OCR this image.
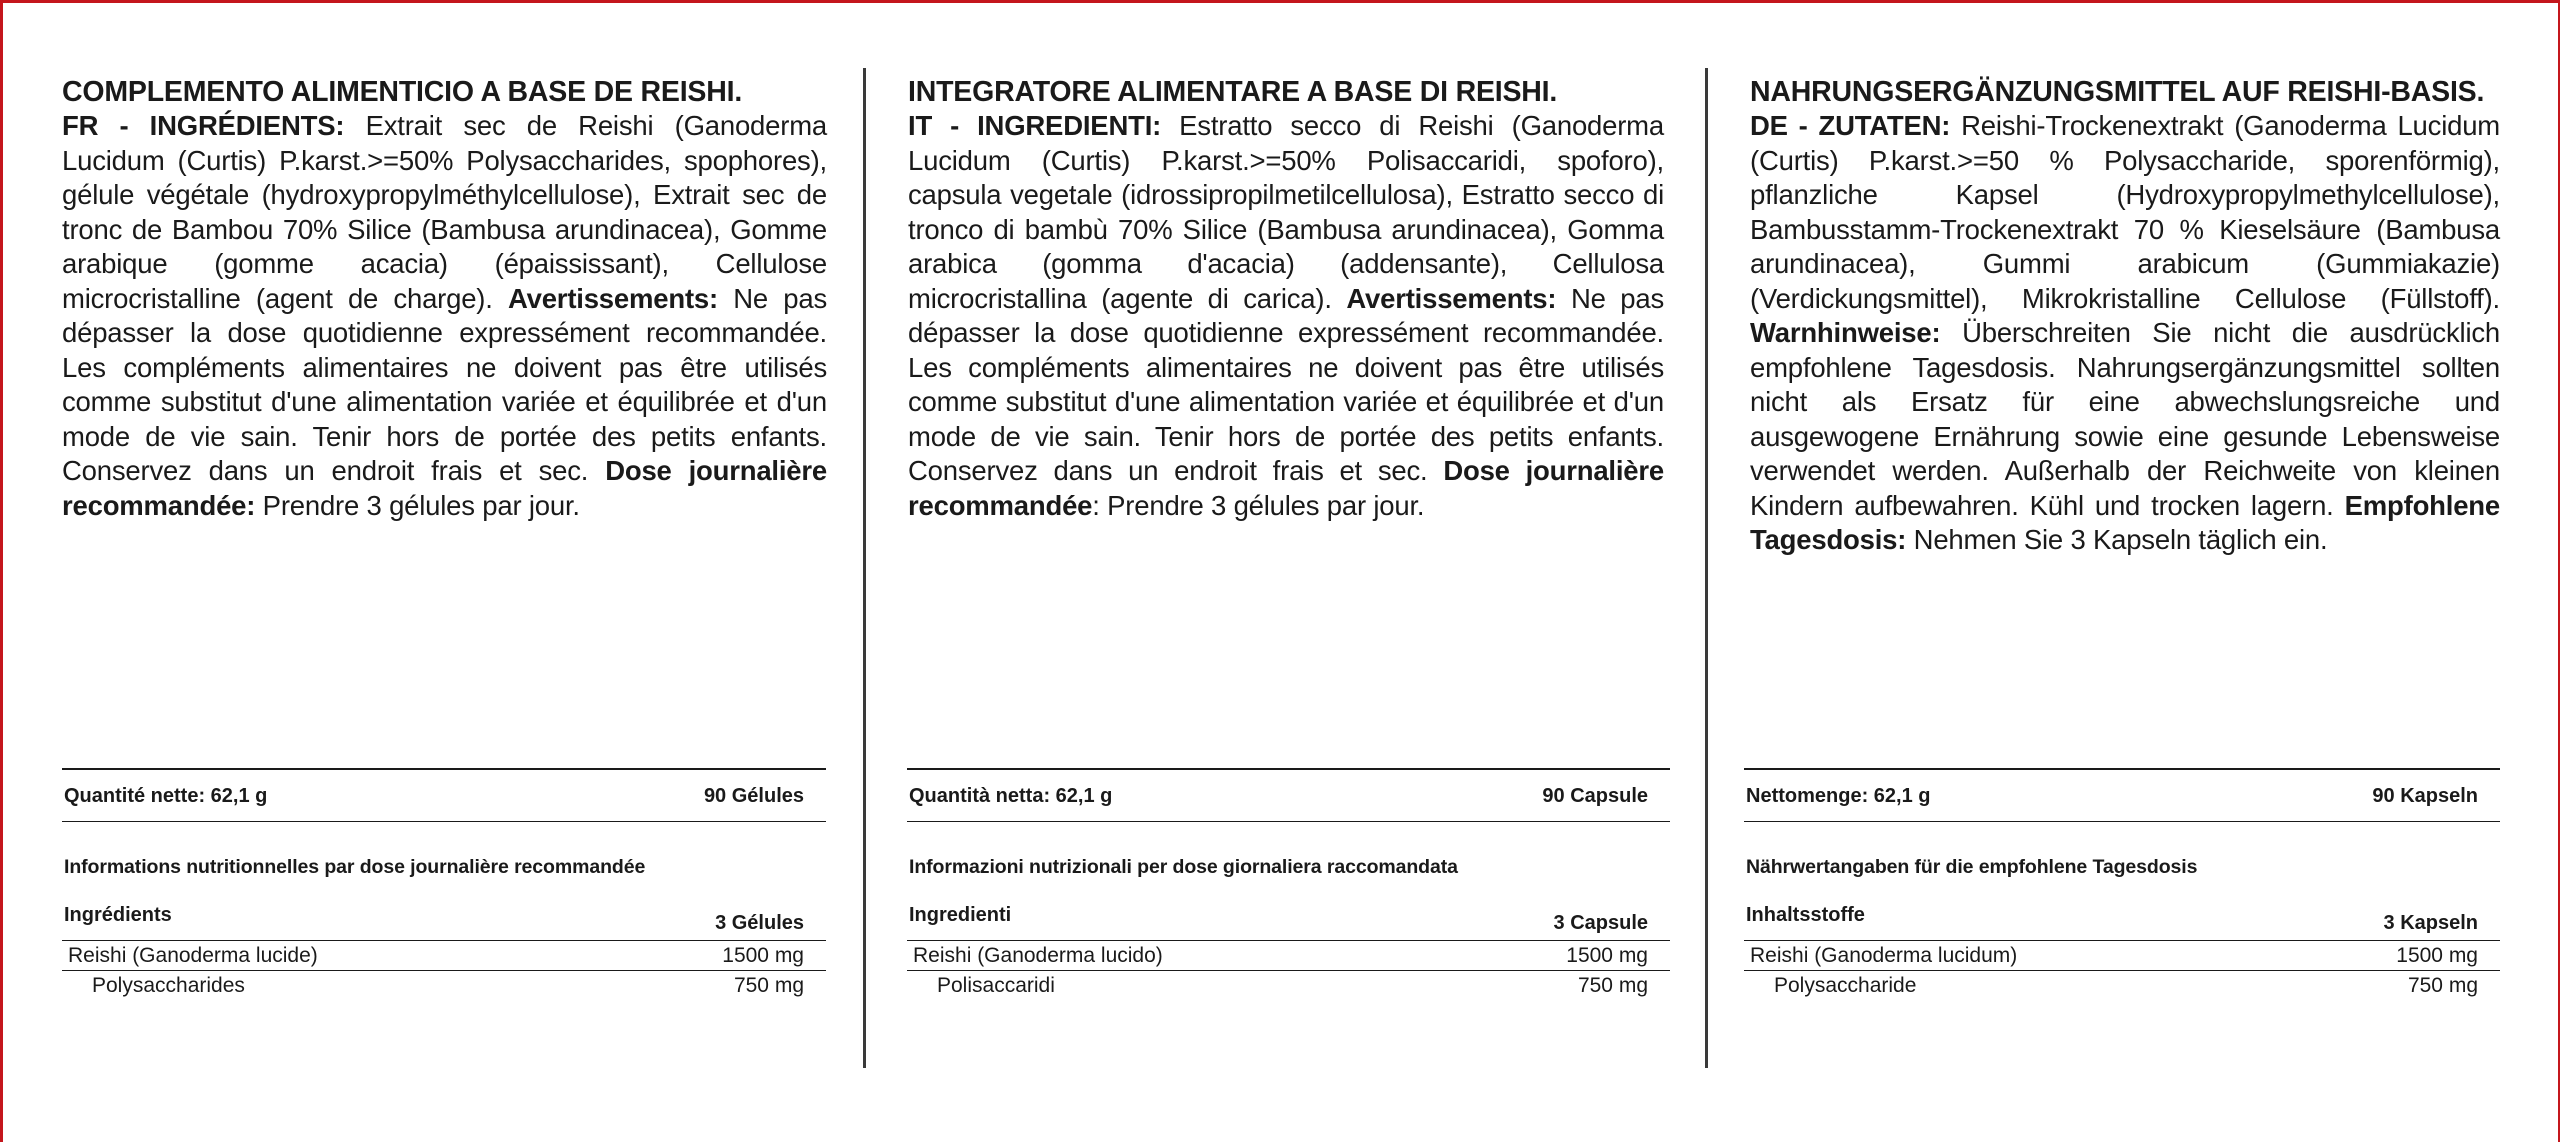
COMPLEMENTO ALIMENTICIO A BASE DE REISHI.

FR - INGRÉDIENTS: Extrait sec de Reishi (Ganoderma Lucidum (Curtis) P.karst.>=50% Polysaccharides, spophores), gélule végétale (hydroxypropylméthylcellulose), Extrait sec de tronc de Bambou 70% Silice (Bambusa arundinacea), Gomme arabique (gomme acacia) (épaississant), Cellulose microcristalline (agent de charge). Avertissements: Ne pas dépasser la dose quotidienne expressément recommandée. Les compléments alimentaires ne doivent pas être utilisés comme substitut d'une alimentation variée et équilibrée et d'un mode de vie sain. Tenir hors de portée des petits enfants. Conservez dans un endroit frais et sec. Dose journalière recommandée: Prendre 3 gélules par jour.

INTEGRATORE ALIMENTARE A BASE DI REISHI.

IT - INGREDIENTI: Estratto secco di Reishi (Ganoderma Lucidum (Curtis) P.karst.>=50% Polisaccaridi, spoforo), capsula vegetale (idrossipropilmetilcellulosa), Estratto secco di tronco di bambù 70% Silice (Bambusa arundinacea), Gomma arabica (gomma d'acacia) (addensante), Cellulosa microcristallina (agente di carica). Avertissements: Ne pas dépasser la dose quotidienne expressément recommandée. Les compléments alimentaires ne doivent pas être utilisés comme substitut d'une alimentation variée et équilibrée et d'un mode de vie sain. Tenir hors de portée des petits enfants. Conservez dans un endroit frais et sec. Dose journalière recommandée: Prendre 3 gélules par jour.

NAHRUNGSERGÄNZUNGSMITTEL AUF REISHI-BASIS.

DE - ZUTATEN: Reishi-Trockenextrakt (Ganoderma Lucidum (Curtis) P.karst.>=50 % Polysaccharide, sporenförmig), pflanzliche Kapsel (Hydroxypropylmethylcellulose), Bambusstamm-Trockenextrakt 70 % Kieselsäure (Bambusa arundinacea), Gummi arabicum (Gummiakazie) (Verdickungsmittel), Mikrokristalline Cellulose (Füllstoff). Warnhinweise: Überschreiten Sie nicht die ausdrücklich empfohlene Tagesdosis. Nahrungsergänzungsmittel sollten nicht als Ersatz für eine abwechslungsreiche und ausgewogene Ernährung sowie eine gesunde Lebensweise verwendet werden. Außerhalb der Reichweite von kleinen Kindern aufbewahren. Kühl und trocken lagern. Empfohlene Tagesdosis: Nehmen Sie 3 Kapseln täglich ein.

Quantité nette: 62,1 g	90 Gélules
Informations nutritionnelles par dose journalière recommandée
Ingrédients	3 Gélules
Reishi (Ganoderma lucide)	1500 mg
Polysaccharides	750 mg
Quantità netta: 62,1 g	90 Capsule
Informazioni nutrizionali per dose giornaliera raccomandata
Ingredienti	3 Capsule
Reishi (Ganoderma lucido)	1500 mg
Polisaccaridi	750 mg
Nettomenge: 62,1 g	90 Kapseln
Nährwertangaben für die empfohlene Tagesdosis
Inhaltsstoffe	3 Kapseln
Reishi (Ganoderma lucidum)	1500 mg
Polysaccharide	750 mg
